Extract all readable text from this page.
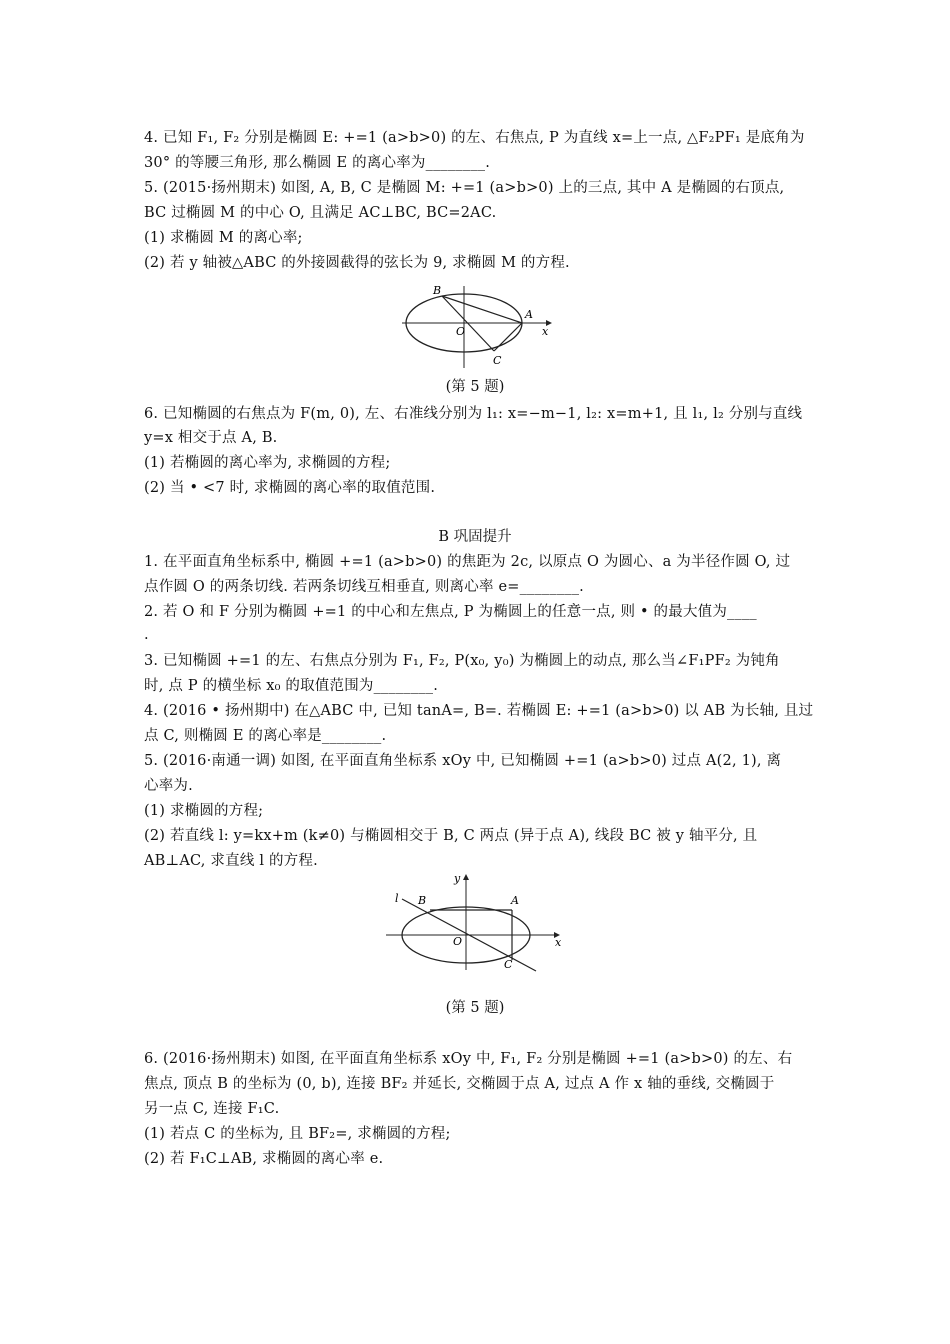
4. 已知 F₁, F₂ 分别是椭圆 E: +=1 (a>b>0) 的左、右焦点, P 为直线 x=上一点, △F₂PF₁ 是底角为
30° 的等腰三角形, 那么椭圆 E 的离心率为________.
5. (2015·扬州期末) 如图, A, B, C 是椭圆 M: +=1 (a>b>0) 上的三点, 其中 A 是椭圆的右顶点,
BC 过椭圆 M 的中心 O, 且满足 AC⊥BC, BC=2AC.
(1) 求椭圆 M 的离心率;
(2) 若 y 轴被△ABC 的外接圆截得的弦长为 9, 求椭圆 M 的方程.
B
A
O
C
x
(第 5 题)
6. 已知椭圆的右焦点为 F(m, 0), 左、右准线分别为 l₁: x=−m−1, l₂: x=m+1, 且 l₁, l₂ 分别与直线
y=x 相交于点 A, B.
(1) 若椭圆的离心率为, 求椭圆的方程;
(2) 当 • <7 时, 求椭圆的离心率的取值范围.
B 巩固提升
1. 在平面直角坐标系中, 椭圆 +=1 (a>b>0) 的焦距为 2c, 以原点 O 为圆心、a 为半径作圆 O, 过
点作圆 O 的两条切线. 若两条切线互相垂直, 则离心率 e=________.
2. 若 O 和 F 分别为椭圆 +=1 的中心和左焦点, P 为椭圆上的任意一点, 则 • 的最大值为____
.
3. 已知椭圆 +=1 的左、右焦点分别为 F₁, F₂, P(x₀, y₀) 为椭圆上的动点, 那么当∠F₁PF₂ 为钝角
时, 点 P 的横坐标 x₀ 的取值范围为________.
4. (2016 • 扬州期中) 在△ABC 中, 已知 tanA=, B=. 若椭圆 E: +=1 (a>b>0) 以 AB 为长轴, 且过
点 C, 则椭圆 E 的离心率是________.
5. (2016·南通一调) 如图, 在平面直角坐标系 xOy 中, 已知椭圆 +=1 (a>b>0) 过点 A(2, 1), 离
心率为.
(1) 求椭圆的方程;
(2) 若直线 l: y=kx+m (k≠0) 与椭圆相交于 B, C 两点 (异于点 A), 线段 BC 被 y 轴平分, 且
AB⊥AC, 求直线 l 的方程.
l B	A
O
C
x
y
(第 5 题)
6. (2016·扬州期末) 如图, 在平面直角坐标系 xOy 中, F₁, F₂ 分别是椭圆 +=1 (a>b>0) 的左、右
焦点, 顶点 B 的坐标为 (0, b), 连接 BF₂ 并延长, 交椭圆于点 A, 过点 A 作 x 轴的垂线, 交椭圆于
另一点 C, 连接 F₁C.
(1) 若点 C 的坐标为, 且 BF₂=, 求椭圆的方程;
(2) 若 F₁C⊥AB, 求椭圆的离心率 e.
